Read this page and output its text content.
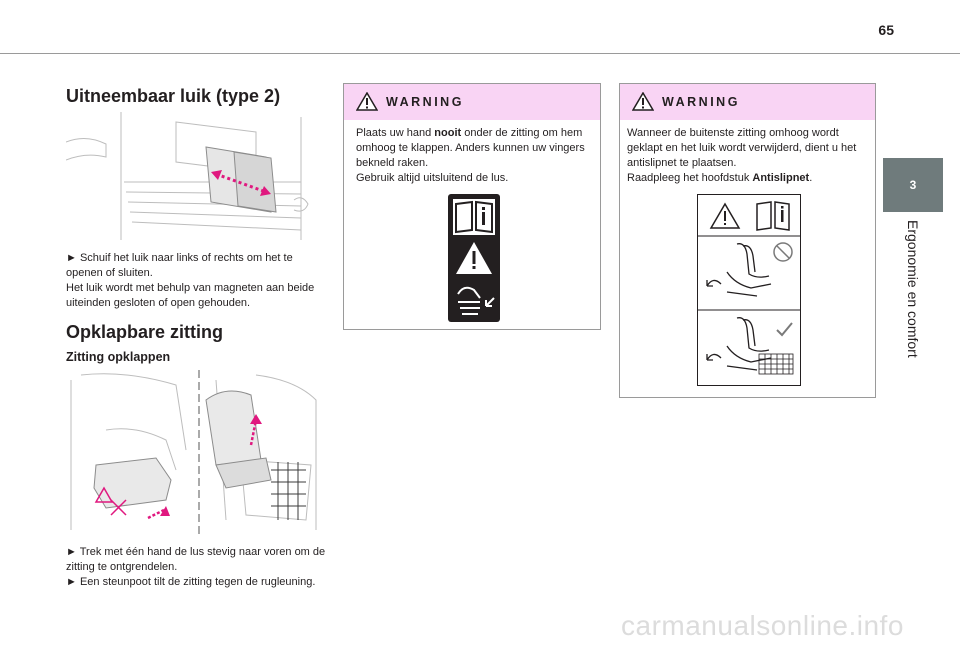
65
3
Ergonomie en comfort
Uitneembaar luik (type 2)

► Schuif het luik naar links of rechts om het te openen of sluiten.

Het luik wordt met behulp van magneten aan beide uiteinden gesloten of open gehouden.

Opklapbare zitting
Zitting opklappen

► Trek met één hand de lus stevig naar voren om de zitting te ontgrendelen.

► Een steunpoot tilt de zitting tegen de rugleuning.

WARNING

Plaats uw hand nooit onder de zitting om hem omhoog te klappen. Anders kunnen uw vingers bekneld raken.

Gebruik altijd uitsluitend de lus.

WARNING

Wanneer de buitenste zitting omhoog wordt geklapt en het luik wordt verwijderd, dient u het antislipnet te plaatsen.

Raadpleeg het hoofdstuk Antislipnet.

carmanualsonline.info
